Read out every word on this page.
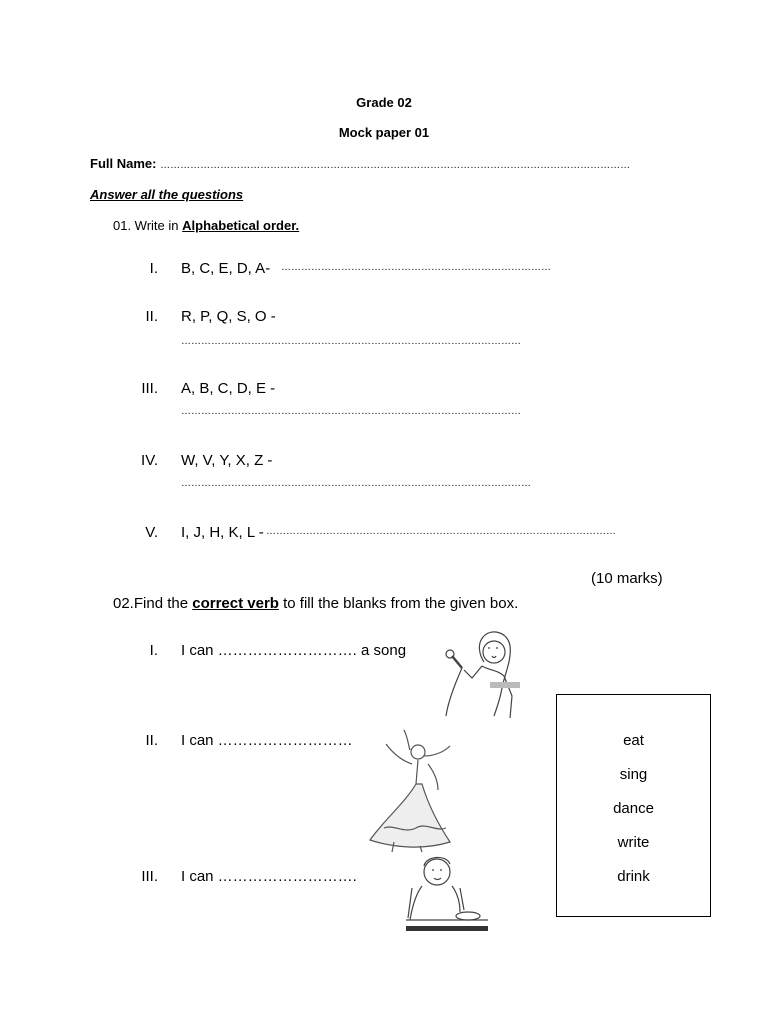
Grade 02
Mock paper 01
Full Name: ……………………………………………………………………………………………………………………………
Answer all the questions
01. Write in Alphabetical order.
I. B, C, E, D, A- ………………………………………………………………………
II. R, P, Q, S, O -
…………………………………………………………………………………………
III. A, B, C, D, E -
…………………………………………………………………………………………
IV. W, V, Y, X, Z -
……………………………………………………………………………………………
V. I, J, H, K, L - ……………………………………………………………………………………………
(10 marks)
02.Find the correct verb to fill the blanks from the given box.
I. I can ………………………. a song
II. I can ………………………
III. I can ……………………….
eat
sing
dance
write
drink
